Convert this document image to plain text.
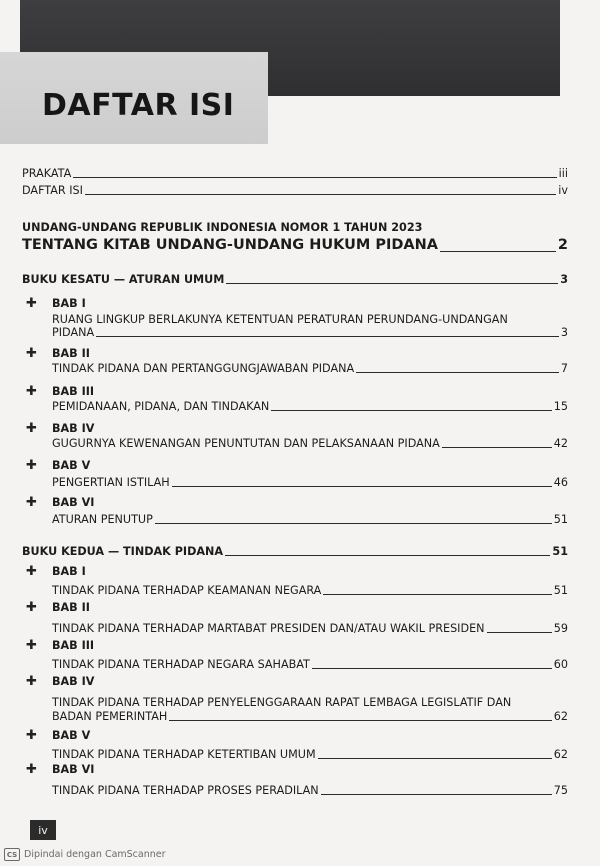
DAFTAR ISI
PRAKATA	iii
DAFTAR ISI	iv
UNDANG-UNDANG REPUBLIK INDONESIA NOMOR 1 TAHUN 2023
TENTANG KITAB UNDANG-UNDANG HUKUM PIDANA	2
BUKU KESATU — ATURAN UMUM	3
✚ BAB I
RUANG LINGKUP BERLAKUNYA KETENTUAN PERATURAN PERUNDANG-UNDANGAN
PIDANA	3
✚ BAB II
TINDAK PIDANA DAN PERTANGGUNGJAWABAN PIDANA	7
✚ BAB III
PEMIDANAAN, PIDANA, DAN TINDAKAN	15
✚ BAB IV
GUGURNYA KEWENANGAN PENUNTUTAN DAN PELAKSANAAN PIDANA	42
✚ BAB V
PENGERTIAN ISTILAH	46
✚ BAB VI
ATURAN PENUTUP	51
BUKU KEDUA — TINDAK PIDANA	51
✚ BAB I
TINDAK PIDANA TERHADAP KEAMANAN NEGARA	51
✚ BAB II
TINDAK PIDANA TERHADAP MARTABAT PRESIDEN DAN/ATAU WAKIL PRESIDEN	59
✚ BAB III
TINDAK PIDANA TERHADAP NEGARA SAHABAT	60
✚ BAB IV
TINDAK PIDANA TERHADAP PENYELENGGARAAN RAPAT LEMBAGA LEGISLATIF DAN
BADAN PEMERINTAH	62
✚ BAB V
TINDAK PIDANA TERHADAP KETERTIBAN UMUM	62
✚ BAB VI
TINDAK PIDANA TERHADAP PROSES PERADILAN	75
iv
CS Dipindai dengan CamScanner
